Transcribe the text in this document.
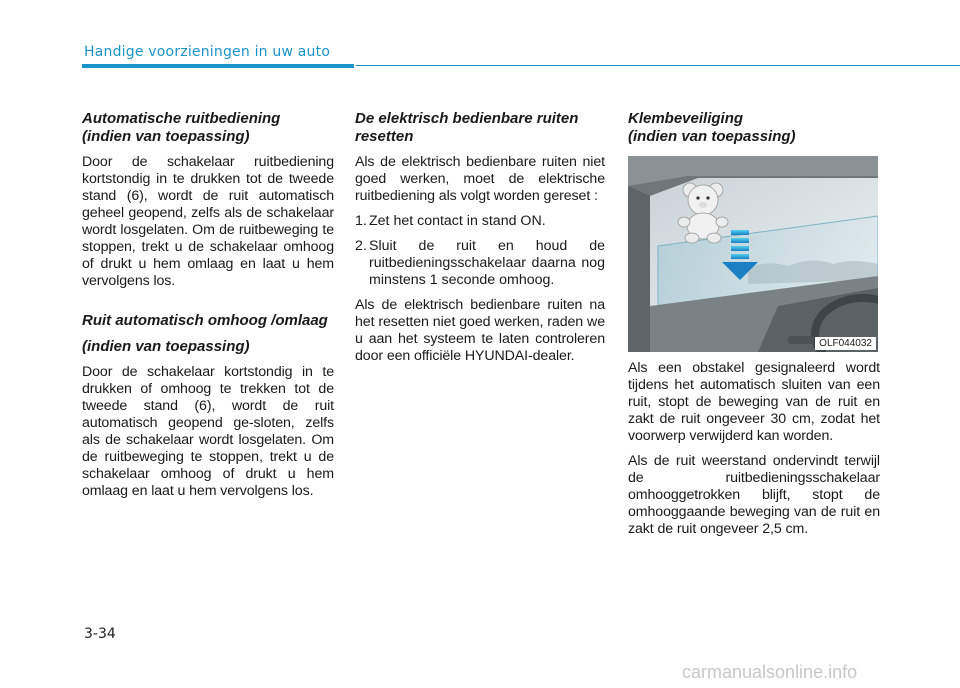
Handige voorzieningen in uw auto
Automatische ruitbediening
(indien van toepassing)

Door de schakelaar ruitbediening kortstondig in te drukken tot de tweede stand (6), wordt de ruit automatisch geheel geopend, zelfs als de schakelaar wordt losgelaten. Om de ruitbeweging te stoppen, trekt u de schakelaar omhoog of drukt u hem omlaag en laat u hem vervolgens los.

Ruit automatisch omhoog /omlaag
(indien van toepassing)

Door de schakelaar kortstondig in te drukken of omhoog te trekken tot de tweede stand (6), wordt de ruit automatisch geopend ge-sloten, zelfs als de schakelaar wordt losgelaten. Om de ruitbeweging te stoppen, trekt u de schakelaar omhoog of drukt u hem omlaag en laat u hem vervolgens los.

De elektrisch bedienbare ruiten resetten

Als de elektrisch bedienbare ruiten niet goed werken, moet de elektrische ruitbediening als volgt worden gereset :

1. Zet het contact in stand ON.
2. Sluit de ruit en houd de ruitbedieningsschakelaar daarna nog minstens 1 seconde omhoog.

Als de elektrisch bedienbare ruiten na het resetten niet goed werken, raden we u aan het systeem te laten controleren door een officiële HYUNDAI-dealer.

Klembeveiliging
(indien van toepassing)
OLF044032

Als een obstakel gesignaleerd wordt tijdens het automatisch sluiten van een ruit, stopt de beweging van de ruit en zakt de ruit ongeveer 30 cm, zodat het voorwerp verwijderd kan worden.

Als de ruit weerstand ondervindt terwijl de ruitbedieningsschakelaar omhooggetrokken blijft, stopt de omhooggaande beweging van de ruit en zakt de ruit ongeveer 2,5 cm.

3-34
carmanualsonline.info
